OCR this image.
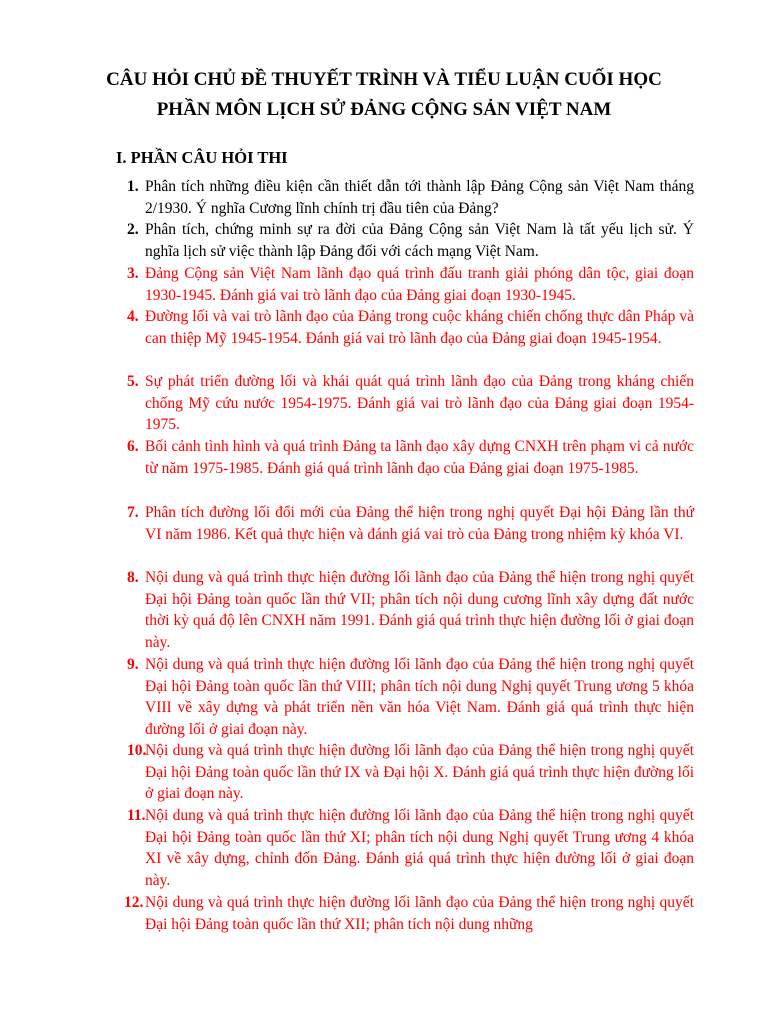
CÂU HỎI CHỦ ĐỀ THUYẾT TRÌNH VÀ TIỂU LUẬN CUỐI HỌC
PHẦN MÔN LỊCH SỬ ĐẢNG CỘNG SẢN VIỆT NAM
I. PHẦN CÂU HỎI THI
1. Phân tích những điều kiện cần thiết dẫn tới thành lập Đảng Cộng sản Việt Nam tháng 2/1930. Ý nghĩa Cương lĩnh chính trị đầu tiên của Đảng?
2. Phân tích, chứng minh sự ra đời của Đảng Cộng sản Việt Nam là tất yếu lịch sử. Ý nghĩa lịch sử việc thành lập Đảng đối với cách mạng Việt Nam.
3. Đảng Cộng sản Việt Nam lãnh đạo quá trình đấu tranh giải phóng dân tộc, giai đoạn 1930-1945. Đánh giá vai trò lãnh đạo của Đảng giai đoạn 1930-1945.
4. Đường lối và vai trò lãnh đạo của Đảng trong cuộc kháng chiến chống thực dân Pháp và can thiệp Mỹ 1945-1954. Đánh giá vai trò lãnh đạo của Đảng giai đoạn 1945-1954.
5. Sự phát triển đường lối và khái quát quá trình lãnh đạo của Đảng trong kháng chiến chống Mỹ cứu nước 1954-1975. Đánh giá vai trò lãnh đạo của Đảng giai đoạn 1954-1975.
6. Bối cảnh tình hình và quá trình Đảng ta lãnh đạo xây dựng CNXH trên phạm vi cả nước từ năm 1975-1985. Đánh giá quá trình lãnh đạo của Đảng giai đoạn 1975-1985.
7. Phân tích đường lối đổi mới của Đảng thể hiện trong nghị quyết Đại hội Đảng lần thứ VI năm 1986. Kết quả thực hiện và đánh giá vai trò của Đảng trong nhiệm kỳ khóa VI.
8. Nội dung và quá trình thực hiện đường lối lãnh đạo của Đảng thể hiện trong nghị quyết Đại hội Đảng toàn quốc lần thứ VII; phân tích nội dung cương lĩnh xây dựng đất nước thời kỳ quá độ lên CNXH năm 1991. Đánh giá quá trình thực hiện đường lối ở giai đoạn này.
9. Nội dung và quá trình thực hiện đường lối lãnh đạo của Đảng thể hiện trong nghị quyết Đại hội Đảng toàn quốc lần thứ VIII; phân tích nội dung Nghị quyết Trung ương 5 khóa VIII về xây dựng và phát triển nền văn hóa Việt Nam. Đánh giá quá trình thực hiện đường lối ở giai đoạn này.
10.
Nội dung và quá trình thực hiện đường lối lãnh đạo của Đảng thể hiện trong nghị quyết Đại hội Đảng toàn quốc lần thứ IX và Đại hội X. Đánh giá quá trình thực hiện đường lối ở giai đoạn này.
11. Nội dung và quá trình thực hiện đường lối lãnh đạo của Đảng thể hiện trong nghị quyết Đại hội Đảng toàn quốc lần thứ XI; phân tích nội dung Nghị quyết Trung ương 4 khóa XI về xây dựng, chỉnh đốn Đảng. Đánh giá quá trình thực hiện đường lối ở giai đoạn này.
12. Nội dung và quá trình thực hiện đường lối lãnh đạo của Đảng thể hiện trong nghị quyết Đại hội Đảng toàn quốc lần thứ XII; phân tích nội dung những
